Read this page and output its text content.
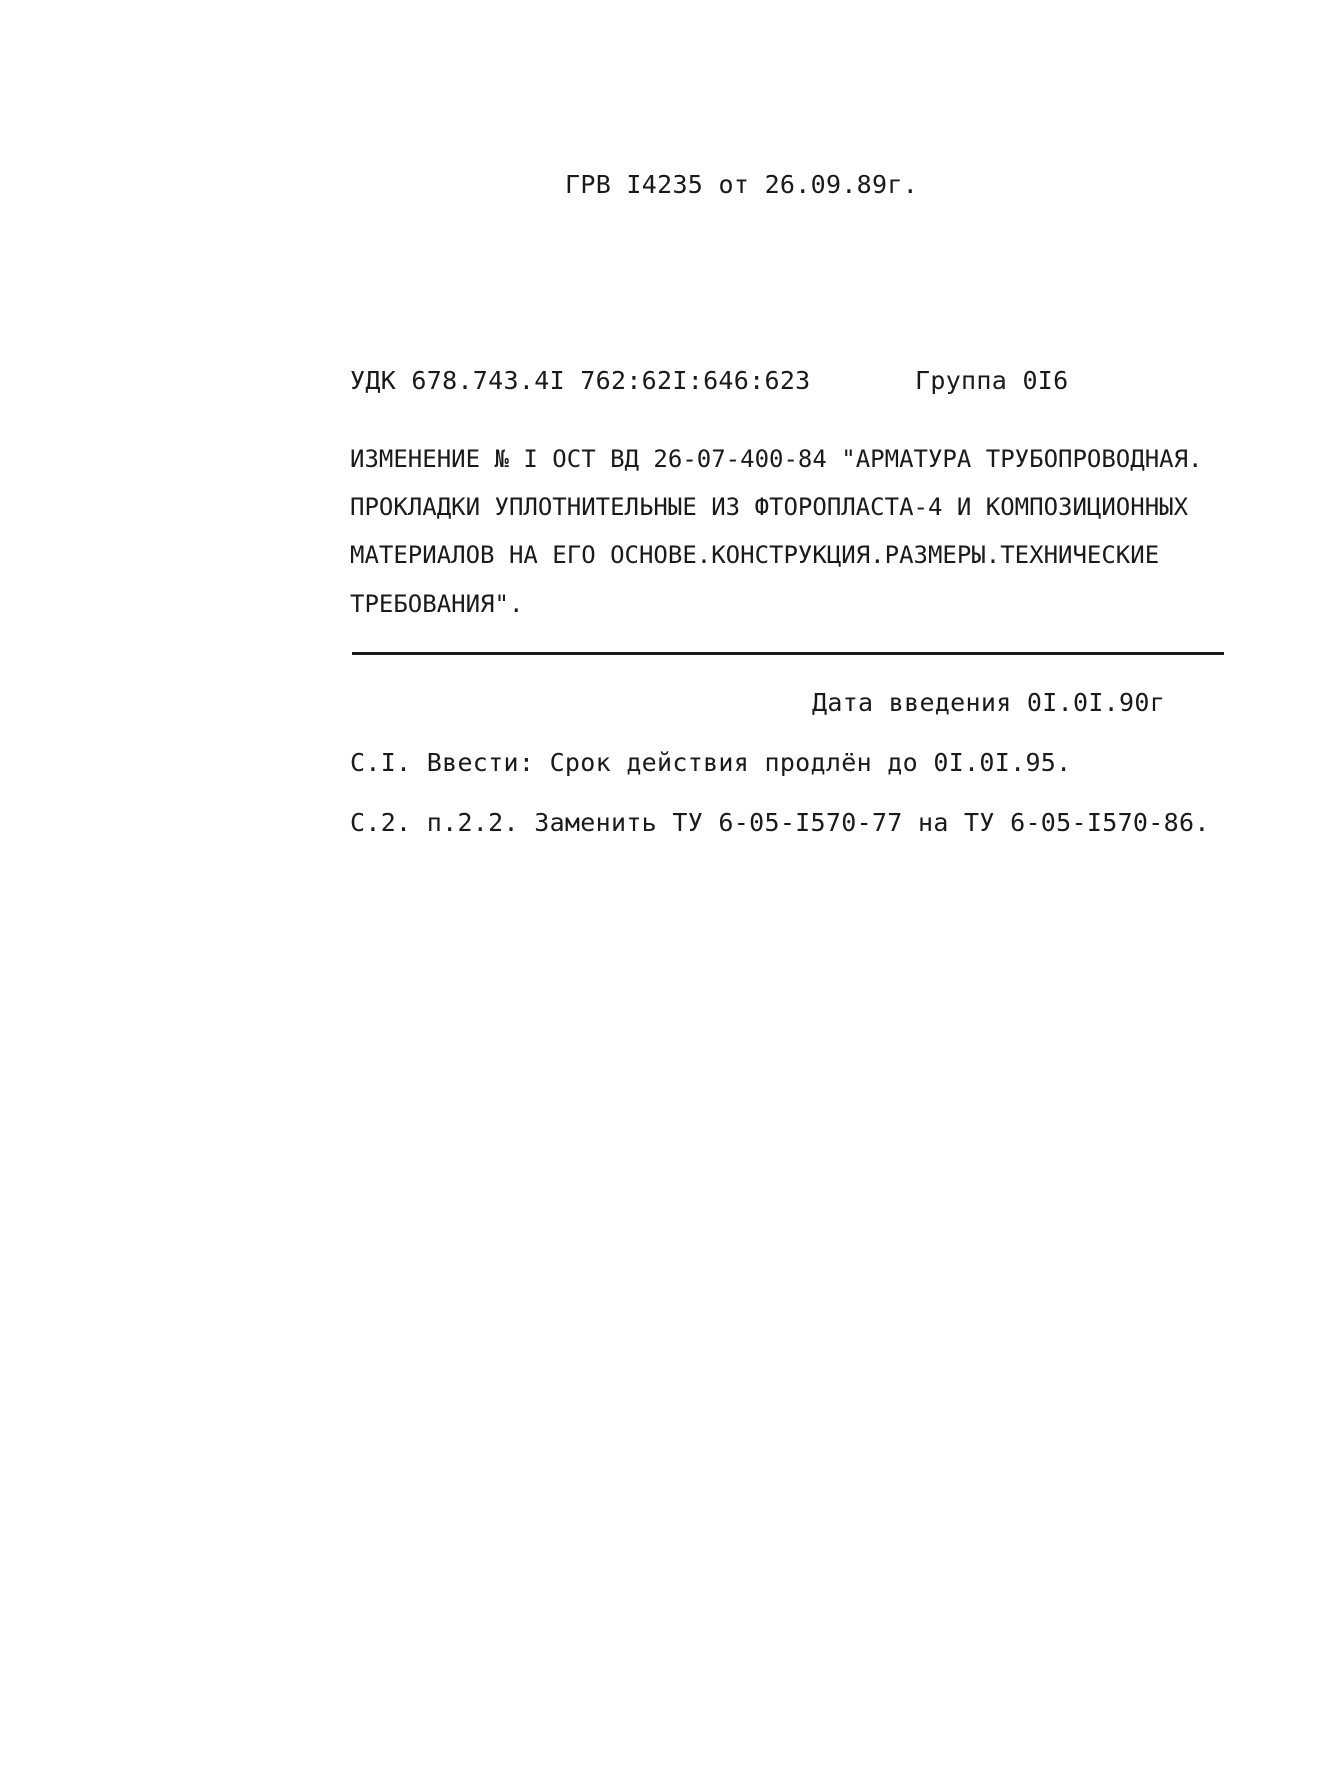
ГРВ I4235 от 26.09.89г.
УДК 678.743.4I 762:62I:646:623	Группа 0I6
ИЗМЕНЕНИЕ № I ОСТ ВД 26-07-400-84 "АРМАТУРА ТРУБОПРОВОДНАЯ.
ПРОКЛАДКИ УПЛОТНИТЕЛЬНЫЕ ИЗ ФТОРОПЛАСТА-4 И КОМПОЗИЦИОННЫХ
МАТЕРИАЛОВ НА ЕГО ОСНОВЕ.КОНСТРУКЦИЯ.РАЗМЕРЫ.ТЕХНИЧЕСКИЕ
ТРЕБОВАНИЯ".
Дата введения 0I.0I.90г
С.I. Ввести: Срок действия продлён до 0I.0I.95.
С.2. п.2.2. Заменить ТУ 6-05-I570-77 на ТУ 6-05-I570-86.
